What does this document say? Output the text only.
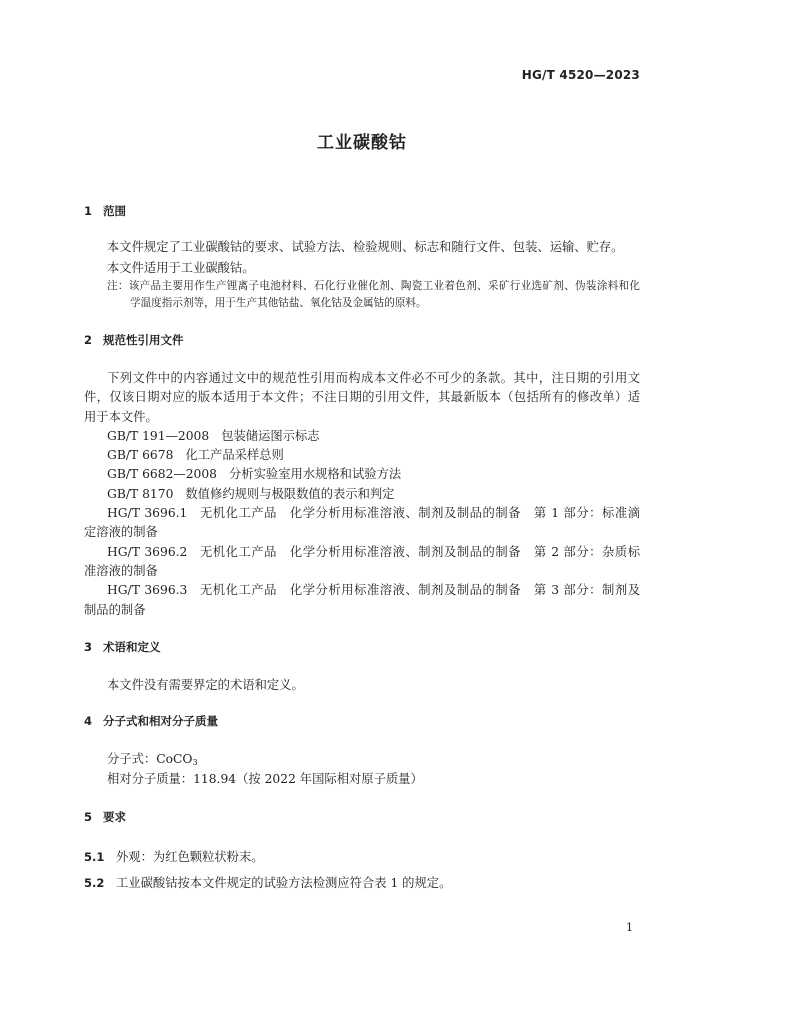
HG/T 4520—2023
工业碳酸钴
1 范围
本文件规定了工业碳酸钴的要求、试验方法、检验规则、标志和随行文件、包装、运输、贮存。
本文件适用于工业碳酸钴。
注：该产品主要用作生产锂离子电池材料、石化行业催化剂、陶瓷工业着色剂、采矿行业选矿剂、伪装涂料和化
学温度指示剂等，用于生产其他钴盐、氧化钴及金属钴的原料。
2 规范性引用文件
下列文件中的内容通过文中的规范性引用而构成本文件必不可少的条款。其中，注日期的引用文
件，仅该日期对应的版本适用于本文件；不注日期的引用文件，其最新版本（包括所有的修改单）适
用于本文件。
GB/T 191—2008 包装储运图示标志
GB/T 6678 化工产品采样总则
GB/T 6682—2008 分析实验室用水规格和试验方法
GB/T 8170 数值修约规则与极限数值的表示和判定
HG/T 3696.1 无机化工产品　化学分析用标准溶液、制剂及制品的制备　第 1 部分：标准滴
定溶液的制备
HG/T 3696.2 无机化工产品　化学分析用标准溶液、制剂及制品的制备　第 2 部分：杂质标
准溶液的制备
HG/T 3696.3 无机化工产品　化学分析用标准溶液、制剂及制品的制备　第 3 部分：制剂及
制品的制备
3 术语和定义
本文件没有需要界定的术语和定义。
4 分子式和相对分子质量
分子式：CoCO$_3$
相对分子质量：118.94（按 2022 年国际相对原子质量）
5 要求
5.1 外观：为红色颗粒状粉末。
5.2 工业碳酸钴按本文件规定的试验方法检测应符合表 1 的规定。
1
